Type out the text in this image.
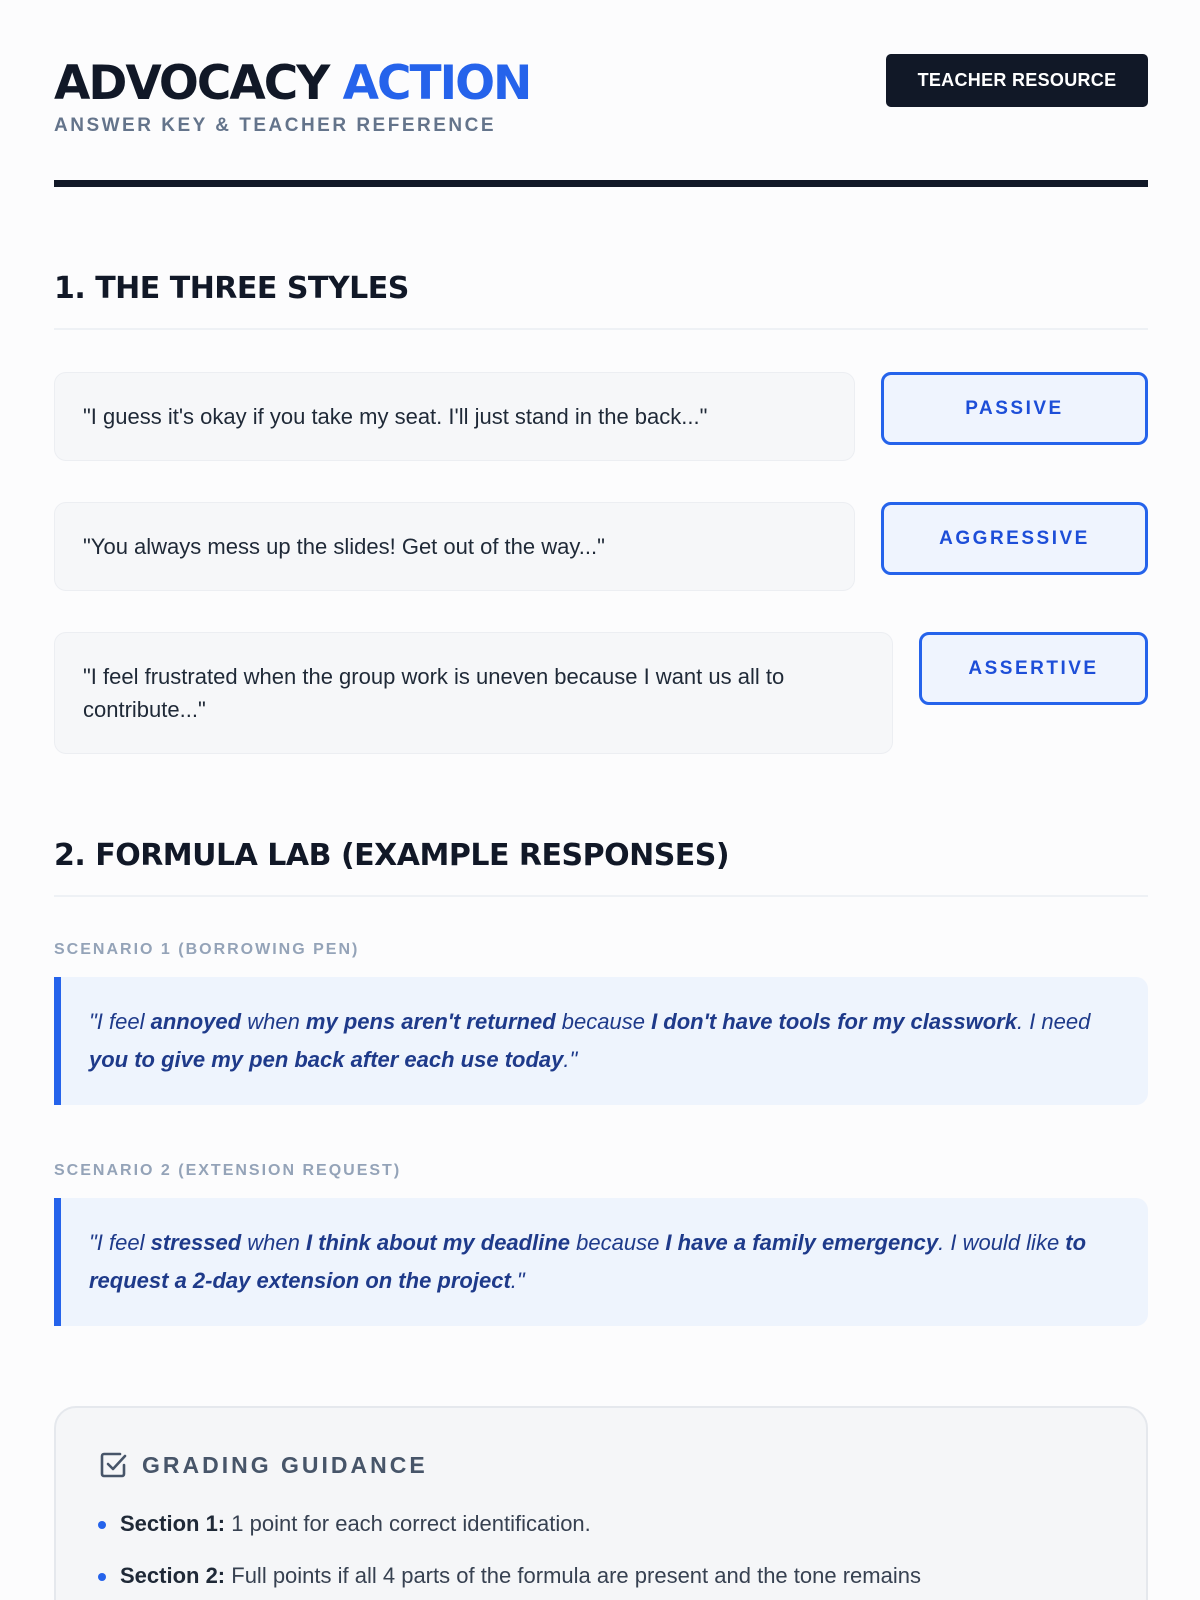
ADVOCACY ACTION
ANSWER KEY & TEACHER REFERENCE
TEACHER RESOURCE
1. THE THREE STYLES
"I guess it's okay if you take my seat. I'll just stand in the back..."	PASSIVE
"You always mess up the slides! Get out of the way..."	AGGRESSIVE
"I feel frustrated when the group work is uneven because I want us all to contribute..."
ASSERTIVE
2. FORMULA LAB (EXAMPLE RESPONSES)
SCENARIO 1 (BORROWING PEN)
"I feel annoyed when my pens aren't returned because I don't have tools for my classwork. I need you to give my pen back after each use today."
SCENARIO 2 (EXTENSION REQUEST)
"I feel stressed when I think about my deadline because I have a family emergency. I would like to request a 2-day extension on the project."
GRADING GUIDANCE
Section 1: 1 point for each correct identification.
Section 2: Full points if all 4 parts of the formula are present and the tone remains
